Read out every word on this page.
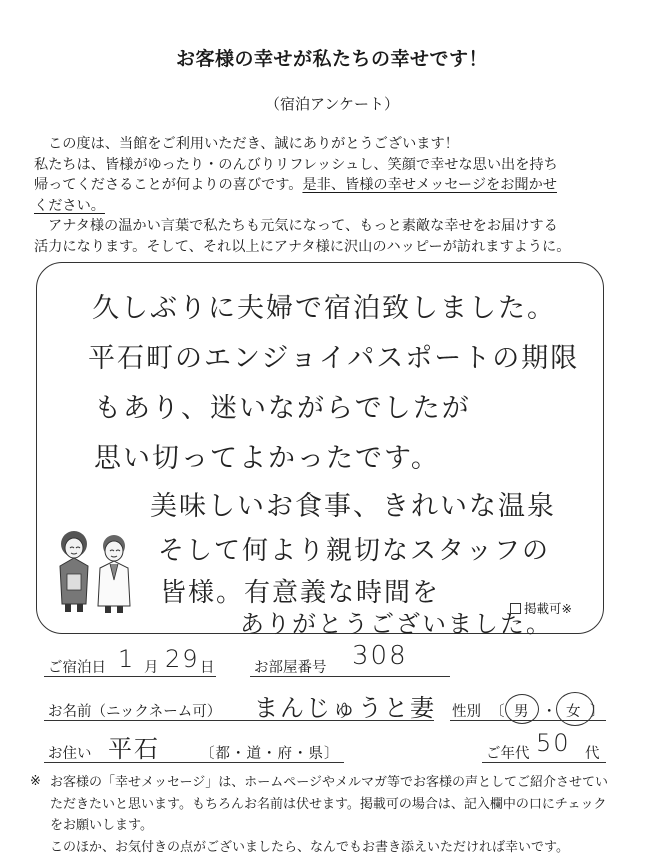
お客様の幸せが私たちの幸せです！
（宿泊アンケート）
この度は、当館をご利用いただき、誠にありがとうございます！
私たちは、皆様がゆったり・のんびりリフレッシュし、笑顔で幸せな思い出を持ち
帰ってくださることが何よりの喜びです。是非、皆様の幸せメッセージをお聞かせ
ください。
アナタ様の温かい言葉で私たちも元気になって、もっと素敵な幸せをお届けする
活力になります。そして、それ以上にアナタ様に沢山のハッピーが訪れますように。
久しぶりに夫婦で宿泊致しました。
平石町のエンジョイパスポートの期限
もあり、迷いながらでしたが
思い切ってよかったです。
美味しいお食事、きれいな温泉
そして何より親切なスタッフの
皆様。有意義な時間を
ありがとうございました。
掲載可※
ご宿泊日 1 月 29 日	お部屋番号 308
お名前（ニックネーム可） まんじゅうと妻 性別 〔 男 ・ 女 〕
お住い 平石	〔都・道・府・県〕	ご年代 50 代
※ お客様の「幸せメッセージ」は、ホームページやメルマガ等でお客様の声としてご紹介させてい
ただきたいと思います。もちろんお名前は伏せます。掲載可の場合は、記入欄中の口にチェック
をお願いします。
このほか、お気付きの点がございましたら、なんでもお書き添えいただければ幸いです。
